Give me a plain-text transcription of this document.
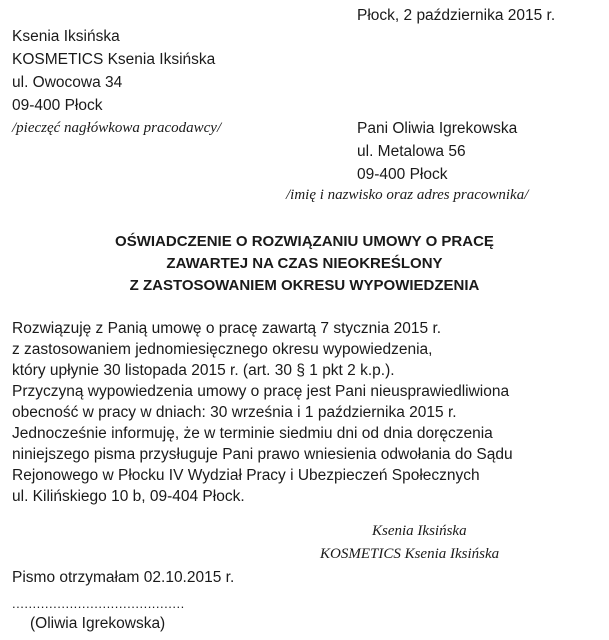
Płock, 2 października 2015 r.
Ksenia Iksińska
KOSMETICS Ksenia Iksińska
ul. Owocowa 34
09-400 Płock
/pieczęć nagłówkowa pracodawcy/	Pani Oliwia Igrekowska
ul. Metalowa 56
09-400 Płock
/imię i nazwisko oraz adres pracownika/
OŚWIADCZENIE O ROZWIĄZANIU UMOWY O PRACĘ
ZAWARTEJ NA CZAS NIEOKREŚLONY
Z ZASTOSOWANIEM OKRESU WYPOWIEDZENIA
Rozwiązuję z Panią umowę o pracę zawartą 7 stycznia 2015 r.
z zastosowaniem jednomiesięcznego okresu wypowiedzenia,
który upłynie 30 listopada 2015 r. (art. 30 § 1 pkt 2 k.p.).
Przyczyną wypowiedzenia umowy o pracę jest Pani nieusprawiedliwiona
obecność w pracy w dniach: 30 września i 1 października 2015 r.
Jednocześnie informuję, że w terminie siedmiu dni od dnia doręczenia
niniejszego pisma przysługuje Pani prawo wniesienia odwołania do Sądu
Rejonowego w Płocku IV Wydział Pracy i Ubezpieczeń Społecznych
ul. Kilińskiego 10 b, 09-404 Płock.
Ksenia Iksińska
KOSMETICS Ksenia Iksińska
Pismo otrzymałam 02.10.2015 r.
..........................................
(Oliwia Igrekowska)
